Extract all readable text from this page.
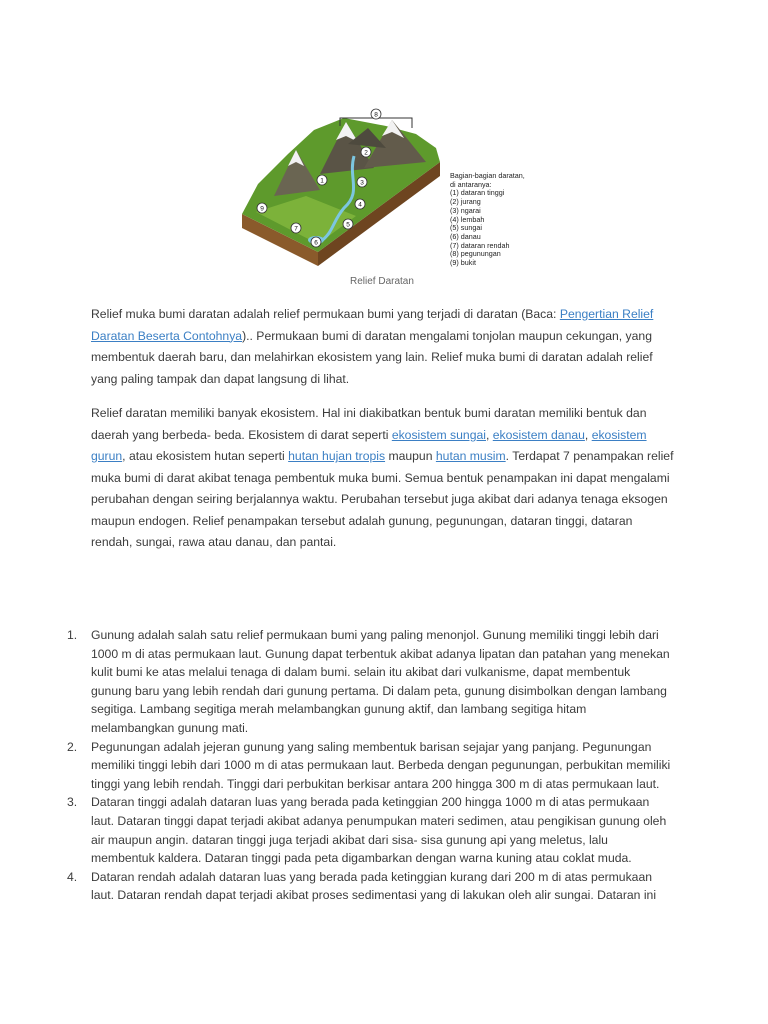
8
1
2
3
4
5
6
7
9
Bagian-bagian daratan,
di antaranya:
(1) dataran tinggi
(2) jurang
(3) ngarai
(4) lembah
(5) sungai
(6) danau
(7) dataran rendah
(8) pegunungan
(9) bukit
Relief Daratan

Relief muka bumi daratan adalah relief permukaan bumi yang terjadi di daratan (Baca: Pengertian Relief Daratan Beserta Contohnya).. Permukaan bumi di daratan mengalami tonjolan maupun cekungan, yang membentuk daerah baru, dan melahirkan ekosistem yang lain. Relief muka bumi di daratan adalah relief yang paling tampak dan dapat langsung di lihat.

Relief daratan memiliki banyak ekosistem. Hal ini diakibatkan bentuk bumi daratan memiliki bentuk dan daerah yang berbeda- beda. Ekosistem di darat seperti ekosistem sungai, ekosistem danau, ekosistem gurun, atau ekosistem hutan seperti hutan hujan tropis maupun hutan musim. Terdapat 7 penampakan relief muka bumi di darat akibat tenaga pembentuk muka bumi. Semua bentuk penampakan ini dapat mengalami perubahan dengan seiring berjalannya waktu. Perubahan tersebut juga akibat dari adanya tenaga eksogen maupun endogen. Relief penampakan tersebut adalah gunung, pegunungan, dataran tinggi, dataran rendah, sungai, rawa atau danau, dan pantai.

1. Gunung adalah salah satu relief permukaan bumi yang paling menonjol. Gunung memiliki tinggi lebih dari 1000 m di atas permukaan laut. Gunung dapat terbentuk akibat adanya lipatan dan patahan yang menekan kulit bumi ke atas melalui tenaga di dalam bumi. selain itu akibat dari vulkanisme, dapat membentuk gunung baru yang lebih rendah dari gunung pertama. Di dalam peta, gunung disimbolkan dengan lambang segitiga. Lambang segitiga merah melambangkan gunung aktif, dan lambang segitiga hitam melambangkan gunung mati.
2. Pegunungan adalah jejeran gunung yang saling membentuk barisan sejajar yang panjang. Pegunungan memiliki tinggi lebih dari 1000 m di atas permukaan laut. Berbeda dengan pegunungan, perbukitan memiliki tinggi yang lebih rendah. Tinggi dari perbukitan berkisar antara 200 hingga 300 m di atas permukaan laut.
3. Dataran tinggi adalah dataran luas yang berada pada ketinggian 200 hingga 1000 m di atas permukaan laut. Dataran tinggi dapat terjadi akibat adanya penumpukan materi sedimen, atau pengikisan gunung oleh air maupun angin. dataran tinggi juga terjadi akibat dari sisa- sisa gunung api yang meletus, lalu membentuk kaldera. Dataran tinggi pada peta digambarkan dengan warna kuning atau coklat muda.
4. Dataran rendah adalah dataran luas yang berada pada ketinggian kurang dari 200 m di atas permukaan laut. Dataran rendah dapat terjadi akibat proses sedimentasi yang di lakukan oleh alir sungai. Dataran ini
